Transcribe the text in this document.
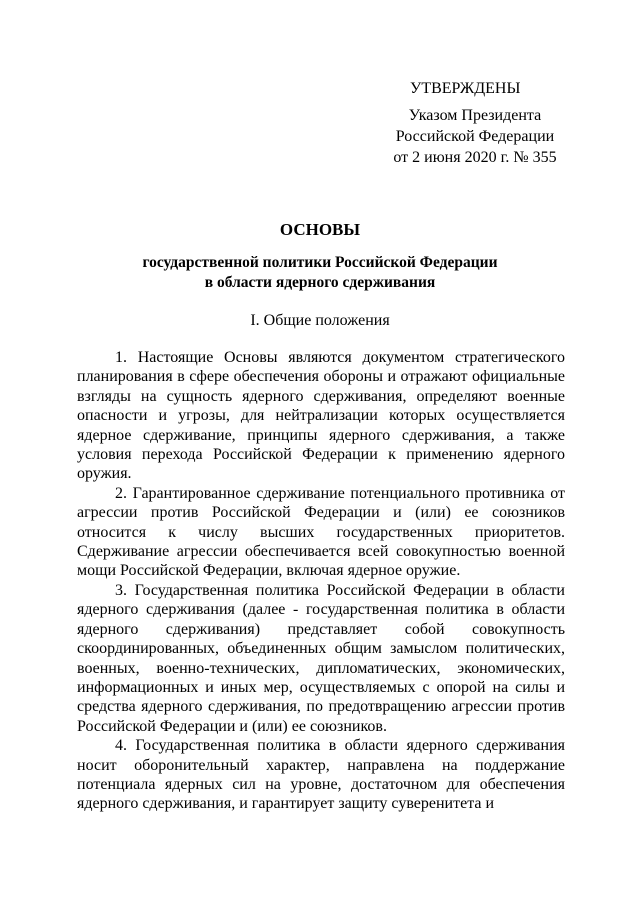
УТВЕРЖДЕНЫ
Указом Президента
Российской Федерации
от 2 июня 2020 г. № 355
ОСНОВЫ
государственной политики Российской Федерации
в области ядерного сдерживания
I. Общие положения

1. Настоящие Основы являются документом стратегического планирования в сфере обеспечения обороны и отражают официальные взгляды на сущность ядерного сдерживания, определяют военные опасности и угрозы, для нейтрализации которых осуществляется ядерное сдерживание, принципы ядерного сдерживания, а также условия перехода Российской Федерации к применению ядерного оружия.

2. Гарантированное сдерживание потенциального противника от агрессии против Российской Федерации и (или) ее союзников относится к числу высших государственных приоритетов. Сдерживание агрессии обеспечивается всей совокупностью военной мощи Российской Федерации, включая ядерное оружие.

3. Государственная политика Российской Федерации в области ядерного сдерживания (далее - государственная политика в области ядерного сдерживания) представляет собой совокупность скоординированных, объединенных общим замыслом политических, военных, военно-технических, дипломатических, экономических, информационных и иных мер, осуществляемых с опорой на силы и средства ядерного сдерживания, по предотвращению агрессии против Российской Федерации и (или) ее союзников.

4. Государственная политика в области ядерного сдерживания носит оборонительный характер, направлена на поддержание потенциала ядерных сил на уровне, достаточном для обеспечения ядерного сдерживания, и гарантирует защиту суверенитета и
